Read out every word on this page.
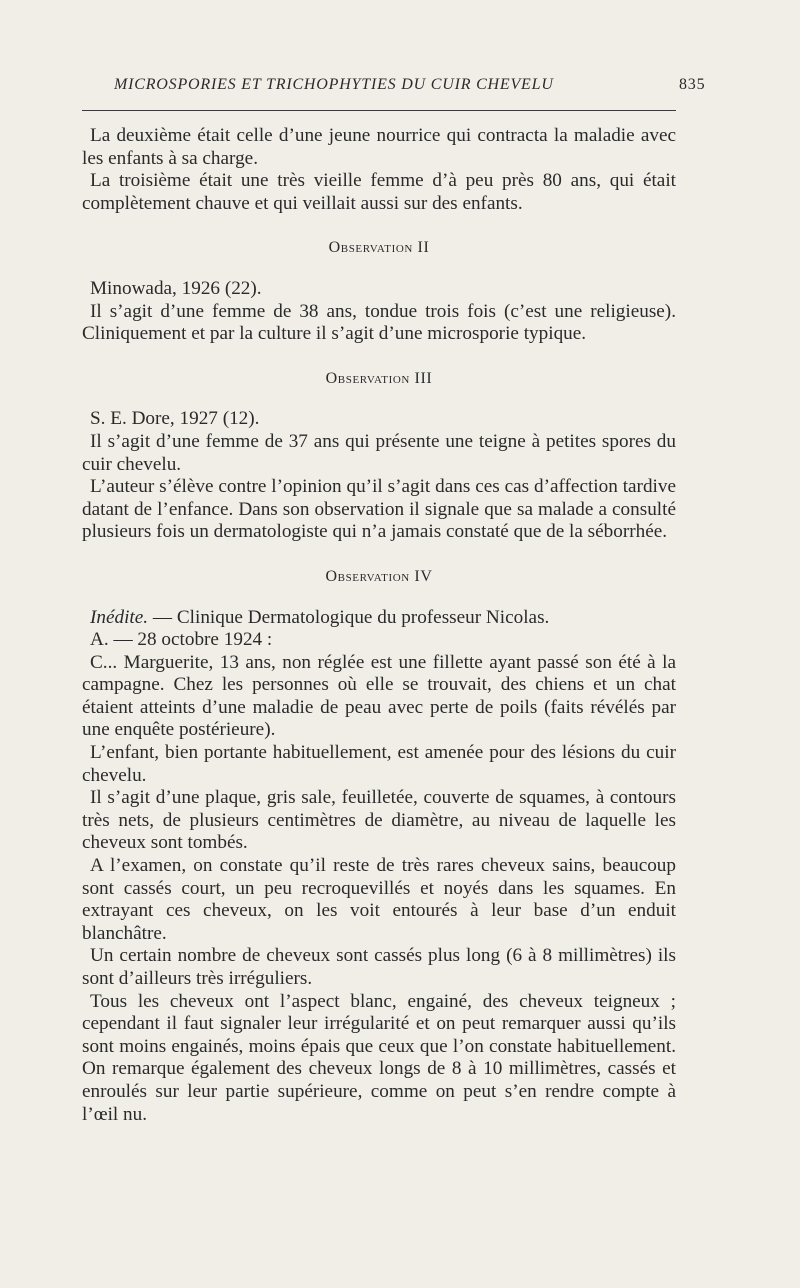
MICROSPORIES ET TRICHOPHYTIES DU CUIR CHEVELU	835

La deuxième était celle d’une jeune nourrice qui contracta la maladie avec les enfants à sa charge.

La troisième était une très vieille femme d’à peu près 80 ans, qui était complètement chauve et qui veillait aussi sur des enfants.

Observation II

Minowada, 1926 (22).

Il s’agit d’une femme de 38 ans, tondue trois fois (c’est une religieuse). Cliniquement et par la culture il s’agit d’une microsporie typique.

Observation III

S. E. Dore, 1927 (12).

Il s’agit d’une femme de 37 ans qui présente une teigne à petites spores du cuir chevelu.

L’auteur s’élève contre l’opinion qu’il s’agit dans ces cas d’affection tardive datant de l’enfance. Dans son observation il signale que sa malade a consulté plusieurs fois un dermatologiste qui n’a jamais constaté que de la séborrhée.

Observation IV

Inédite. — Clinique Dermatologique du professeur Nicolas.

A. — 28 octobre 1924 :

C... Marguerite, 13 ans, non réglée est une fillette ayant passé son été à la campagne. Chez les personnes où elle se trouvait, des chiens et un chat étaient atteints d’une maladie de peau avec perte de poils (faits révélés par une enquête postérieure).

L’enfant, bien portante habituellement, est amenée pour des lésions du cuir chevelu.

Il s’agit d’une plaque, gris sale, feuilletée, couverte de squames, à contours très nets, de plusieurs centimètres de diamètre, au niveau de laquelle les cheveux sont tombés.

A l’examen, on constate qu’il reste de très rares cheveux sains, beaucoup sont cassés court, un peu recroquevillés et noyés dans les squames. En extrayant ces cheveux, on les voit entourés à leur base d’un enduit blanchâtre.

Un certain nombre de cheveux sont cassés plus long (6 à 8 millimètres) ils sont d’ailleurs très irréguliers.

Tous les cheveux ont l’aspect blanc, engainé, des cheveux teigneux ; cependant il faut signaler leur irrégularité et on peut remarquer aussi qu’ils sont moins engainés, moins épais que ceux que l’on constate habituellement. On remarque également des cheveux longs de 8 à 10 millimètres, cassés et enroulés sur leur partie supérieure, comme on peut s’en rendre compte à l’œil nu.
